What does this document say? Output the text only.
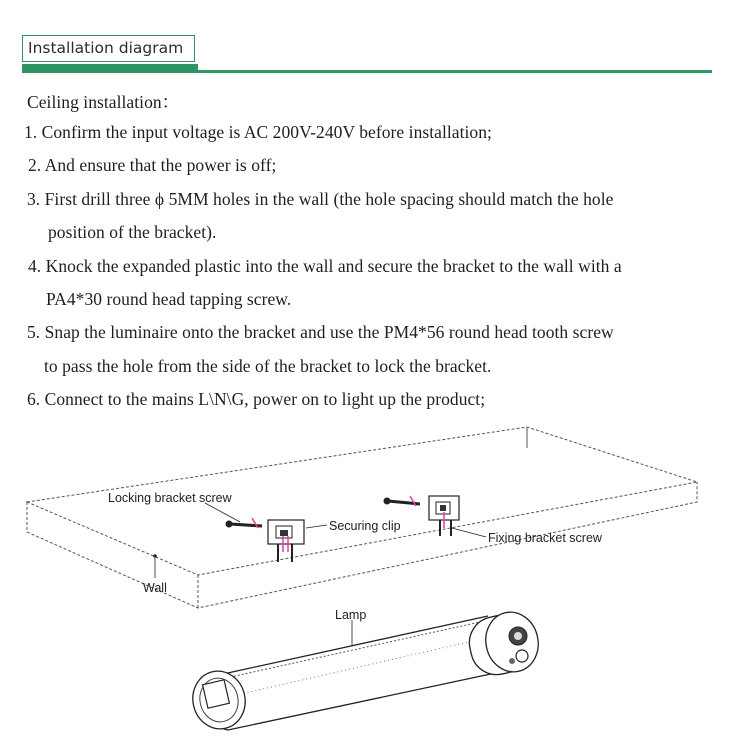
Installation diagram
Ceiling installation：
1. Confirm the input voltage is AC 200V-240V before installation;
2. And ensure that the power is off;
3. First drill three ϕ 5MM holes in the wall (the hole spacing should match the hole
position of the bracket).
4. Knock the expanded plastic into the wall and secure the bracket to the wall with a
PA4*30 round head tapping screw.
5. Snap the luminaire onto the bracket and use the PM4*56 round head tooth screw
to pass the hole from the side of the bracket to lock the bracket.
6. Connect to the mains L\N\G, power on to light up the product;
Locking bracket screw
Securing clip
Fixing bracket screw
Wall
Lamp
